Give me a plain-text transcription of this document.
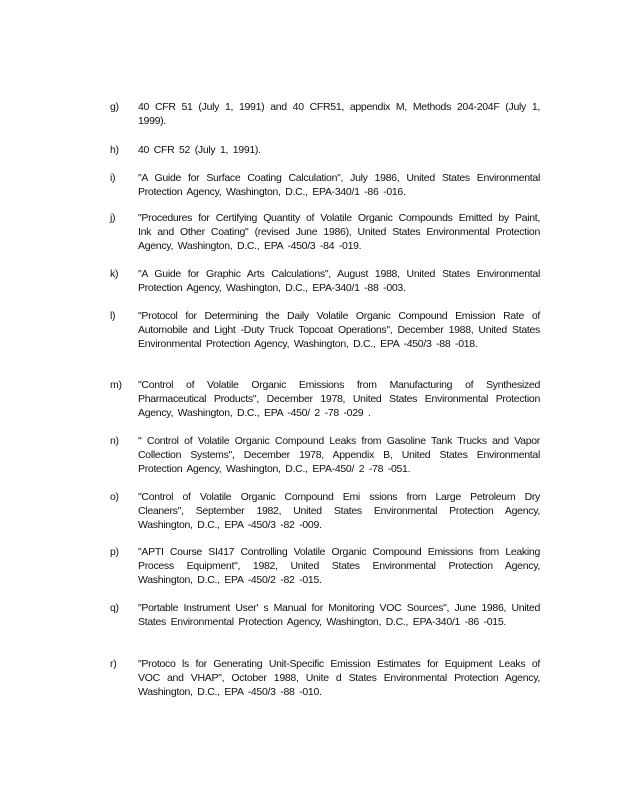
g) 40 CFR 51 (July 1, 1991) and 40 CFR51, appendix M, Methods 204-204F (July 1, 1999).
h) 40 CFR 52 (July 1, 1991).
i) "A Guide for Surface Coating Calculation", July 1986, United States Environmental Protection Agency, Washington, D.C., EPA-340/1 -86 -016.
j) "Procedures for Certifying Quantity of Volatile Organic Compounds Emitted by Paint, Ink and Other Coating" (revised June 1986), United States Environmental Protection Agency, Washington, D.C., EPA -450/3 -84 -019.
k) "A Guide for Graphic Arts Calculations", August 1988, United States Environmental Protection Agency, Washington, D.C., EPA-340/1 -88 -003.
l) "Protocol for Determining the Daily Volatile Organic Compound Emission Rate of Automobile and Light -Duty Truck Topcoat Operations", December 1988, United States Environmental Protection Agency, Washington, D.C., EPA -450/3 -88 -018.
m) "Control of Volatile Organic Emissions from Manufacturing of Synthesized Pharmaceutical Products", December 1978, United States Environmental Protection Agency, Washington, D.C., EPA -450/ 2 -78 -029 .
n) " Control of Volatile Organic Compound Leaks from Gasoline Tank Trucks and Vapor Collection Systems", December 1978, Appendix B, United States Environmental Protection Agency, Washington, D.C., EPA-450/ 2 -78 -051.
o) "Control of Volatile Organic Compound Emi ssions from Large Petroleum Dry Cleaners", September 1982, United States Environmental Protection Agency, Washington, D.C., EPA -450/3 -82 -009.
p) "APTI Course SI417 Controlling Volatile Organic Compound Emissions from Leaking Process Equipment", 1982, United States Environmental Protection Agency, Washington, D.C., EPA -450/2 -82 -015.
q) "Portable Instrument User' s Manual for Monitoring VOC Sources", June 1986, United States Environmental Protection Agency, Washington, D.C., EPA-340/1 -86 -015.
r) "Protoco ls for Generating Unit-Specific Emission Estimates for Equipment Leaks of VOC and VHAP", October 1988, Unite d States Environmental Protection Agency, Washington, D.C., EPA -450/3 -88 -010.
